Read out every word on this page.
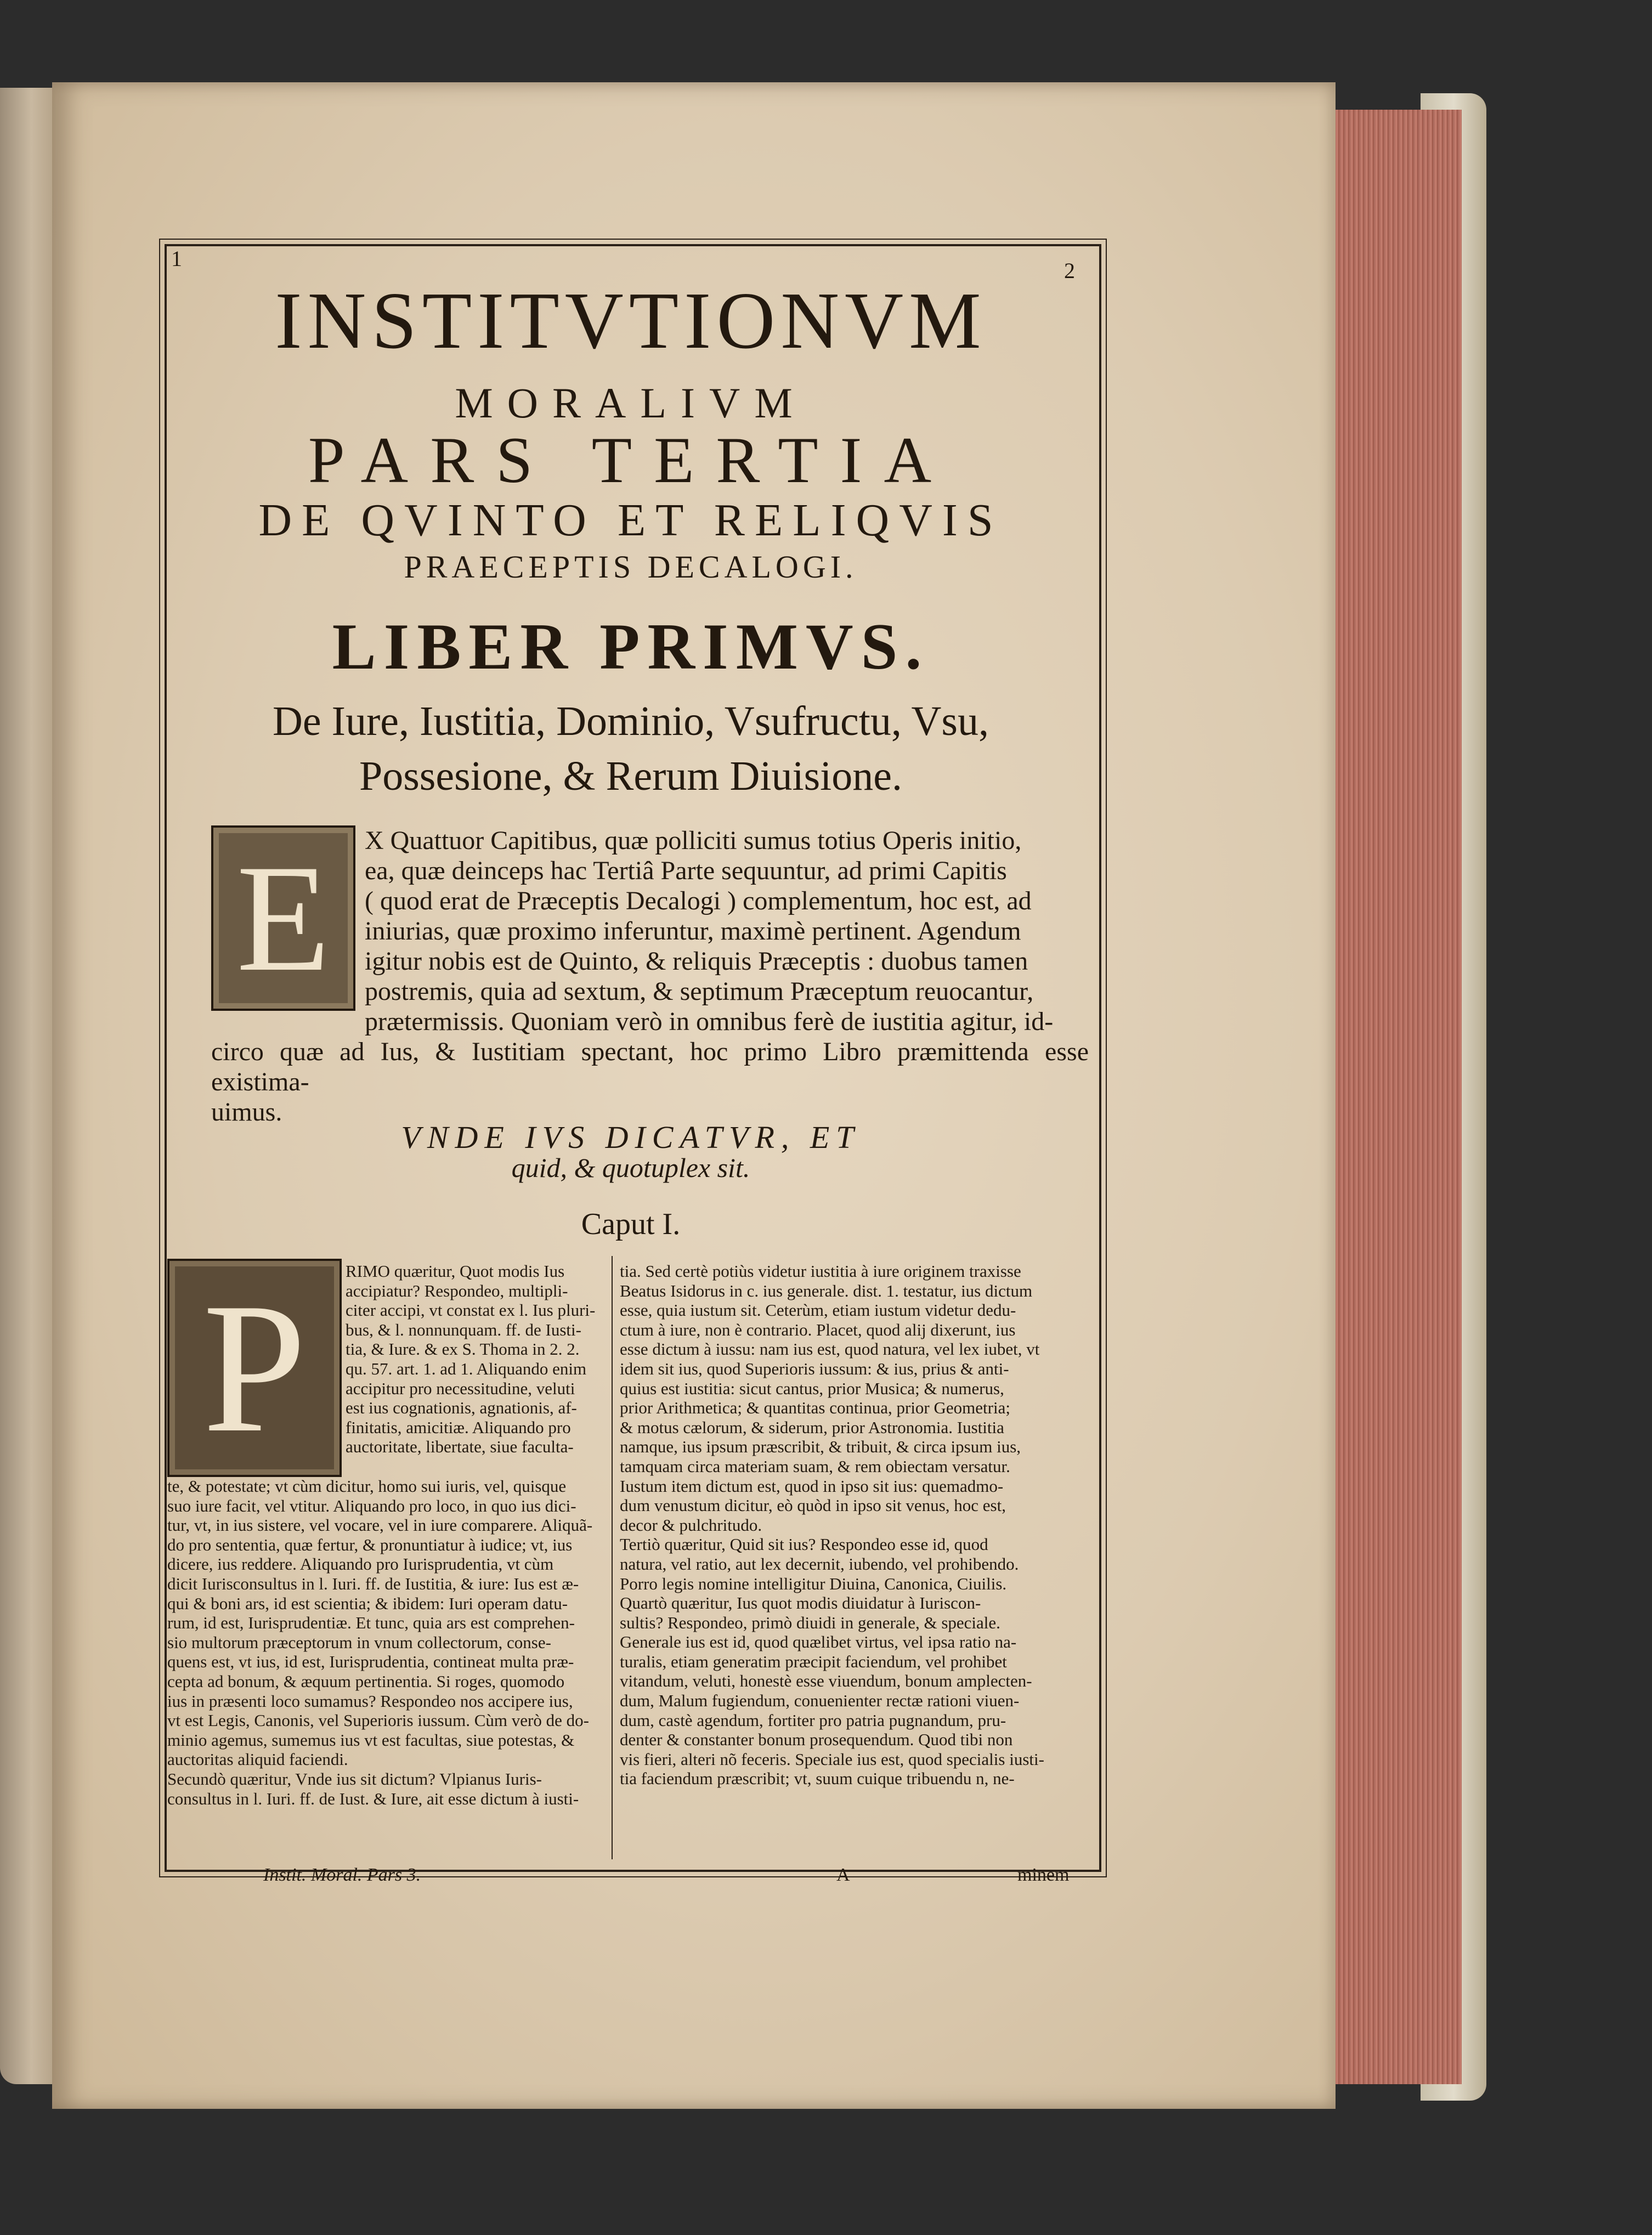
1	2
INSTITVTIONVM
MORALIVM
PARS TERTIA
DE QVINTO ET RELIQVIS
PRAECEPTIS DECALOGI.
LIBER PRIMVS.
De Iure, Iustitia, Dominio, Vsufructu, Vsu,
Possesione, & Rerum Diuisione.
E	X Quattuor Capitibus, quæ polliciti sumus totius Operis initio,
ea, quæ deinceps hac Tertiâ Parte sequuntur, ad primi Capitis
( quod erat de Præceptis Decalogi ) complementum, hoc est, ad
iniurias, quæ proximo inferuntur, maximè pertinent. Agendum
igitur nobis est de Quinto, & reliquis Præceptis : duobus tamen
postremis, quia ad sextum, & septimum Præceptum reuocantur,
prætermissis. Quoniam verò in omnibus ferè de iustitia agitur, id-
circo quæ ad Ius, & Iustitiam spectant, hoc primo Libro præmittenda esse existima-
uimus.
VNDE IVS DICATVR, ET
quid, & quotuplex sit.
Caput I.
P	RIMO quæritur, Quot modis Ius

accipiatur? Respondeo, multipli-

citer accipi, vt constat ex l. Ius pluri-

bus, & l. nonnunquam. ff. de Iusti-

tia, & Iure. & ex S. Thoma in 2. 2.

qu. 57. art. 1. ad 1. Aliquando enim

accipitur pro necessitudine, veluti

est ius cognationis, agnationis, af-

finitatis, amicitiæ. Aliquando pro

auctoritate, libertate, siue faculta-

te, & potestate; vt cùm dicitur, homo sui iuris, vel, quisque

suo iure facit, vel vtitur. Aliquando pro loco, in quo ius dici-

tur, vt, in ius sistere, vel vocare, vel in iure comparere. Aliquã-

do pro sententia, quæ fertur, & pronuntiatur à iudice; vt, ius

dicere, ius reddere. Aliquando pro Iurisprudentia, vt cùm

dicit Iurisconsultus in l. Iuri. ff. de Iustitia, & iure: Ius est æ-

qui & boni ars, id est scientia; & ibidem: Iuri operam datu-

rum, id est, Iurisprudentiæ. Et tunc, quia ars est comprehen-

sio multorum præceptorum in vnum collectorum, conse-

quens est, vt ius, id est, Iurisprudentia, contineat multa præ-

cepta ad bonum, & æquum pertinentia. Si roges, quomodo

ius in præsenti loco sumamus? Respondeo nos accipere ius,

vt est Legis, Canonis, vel Superioris iussum. Cùm verò de do-

minio agemus, sumemus ius vt est facultas, siue potestas, &

auctoritas aliquid faciendi.

Secundò quæritur, Vnde ius sit dictum? Vlpianus Iuris-

consultus in l. Iuri. ff. de Iust. & Iure, ait esse dictum à iusti-

tia. Sed certè potiùs videtur iustitia à iure originem traxisse

Beatus Isidorus in c. ius generale. dist. 1. testatur, ius dictum

esse, quia iustum sit. Ceterùm, etiam iustum videtur dedu-

ctum à iure, non è contrario. Placet, quod alij dixerunt, ius

esse dictum à iussu: nam ius est, quod natura, vel lex iubet, vt

idem sit ius, quod Superioris iussum: & ius, prius & anti-

quius est iustitia: sicut cantus, prior Musica; & numerus,

prior Arithmetica; & quantitas continua, prior Geometria;

& motus cælorum, & siderum, prior Astronomia. Iustitia

namque, ius ipsum præscribit, & tribuit, & circa ipsum ius,

tamquam circa materiam suam, & rem obiectam versatur.

Iustum item dictum est, quod in ipso sit ius: quemadmo-

dum venustum dicitur, eò quòd in ipso sit venus, hoc est,

decor & pulchritudo.

Tertiò quæritur, Quid sit ius? Respondeo esse id, quod

natura, vel ratio, aut lex decernit, iubendo, vel prohibendo.

Porro legis nomine intelligitur Diuina, Canonica, Ciuilis.

Quartò quæritur, Ius quot modis diuidatur à Iuriscon-

sultis? Respondeo, primò diuidi in generale, & speciale.

Generale ius est id, quod quælibet virtus, vel ipsa ratio na-

turalis, etiam generatim præcipit faciendum, vel prohibet

vitandum, veluti, honestè esse viuendum, bonum amplecten-

dum, Malum fugiendum, conuenienter rectæ rationi viuen-

dum, castè agendum, fortiter pro patria pugnandum, pru-

denter & constanter bonum prosequendum. Quod tibi non

vis fieri, alteri nõ feceris. Speciale ius est, quod specialis iusti-

tia faciendum præscribit; vt, suum cuique tribuendu n, ne-

Instit. Moral. Pars 3.	A	minem
